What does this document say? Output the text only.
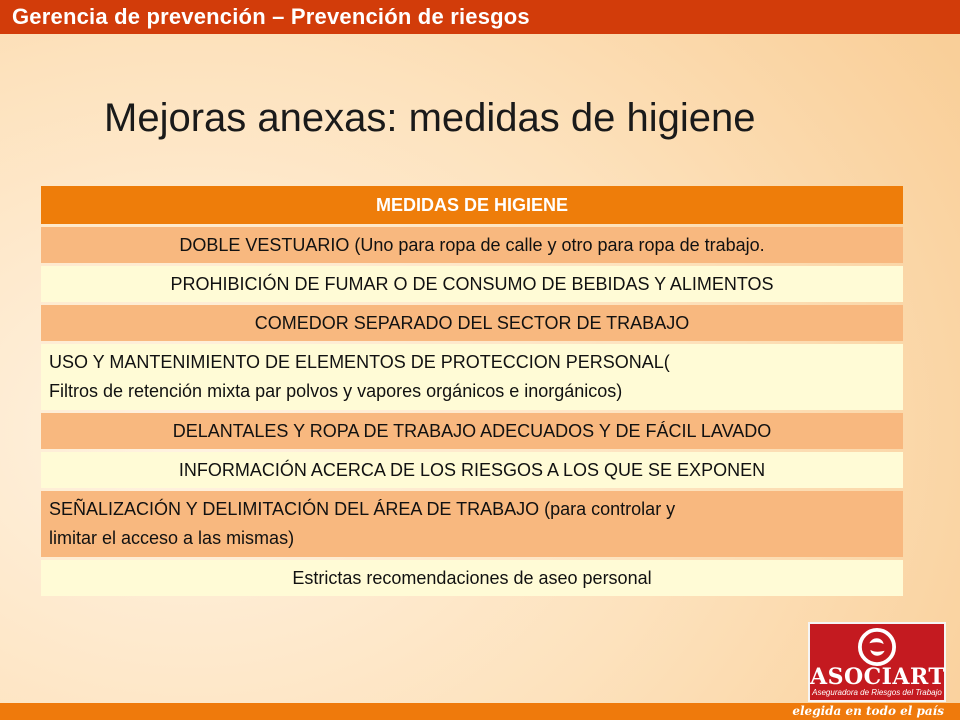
Gerencia de prevención – Prevención de riesgos
Mejoras anexas: medidas de higiene
MEDIDAS DE HIGIENE
DOBLE VESTUARIO (Uno para ropa de calle y otro para ropa de trabajo.
PROHIBICIÓN DE FUMAR O DE CONSUMO DE BEBIDAS Y ALIMENTOS
COMEDOR SEPARADO DEL SECTOR DE TRABAJO
USO Y MANTENIMIENTO DE ELEMENTOS DE PROTECCION PERSONAL(
Filtros de retención mixta par polvos y vapores orgánicos e inorgánicos)
DELANTALES Y ROPA DE TRABAJO ADECUADOS Y DE FÁCIL LAVADO
INFORMACIÓN ACERCA DE LOS RIESGOS A LOS QUE SE EXPONEN
SEÑALIZACIÓN Y DELIMITACIÓN DEL ÁREA DE TRABAJO (para controlar y
limitar el acceso a las mismas)
Estrictas recomendaciones de aseo personal
ASOCIART
Aseguradora de Riesgos del Trabajo
elegida en todo el país
